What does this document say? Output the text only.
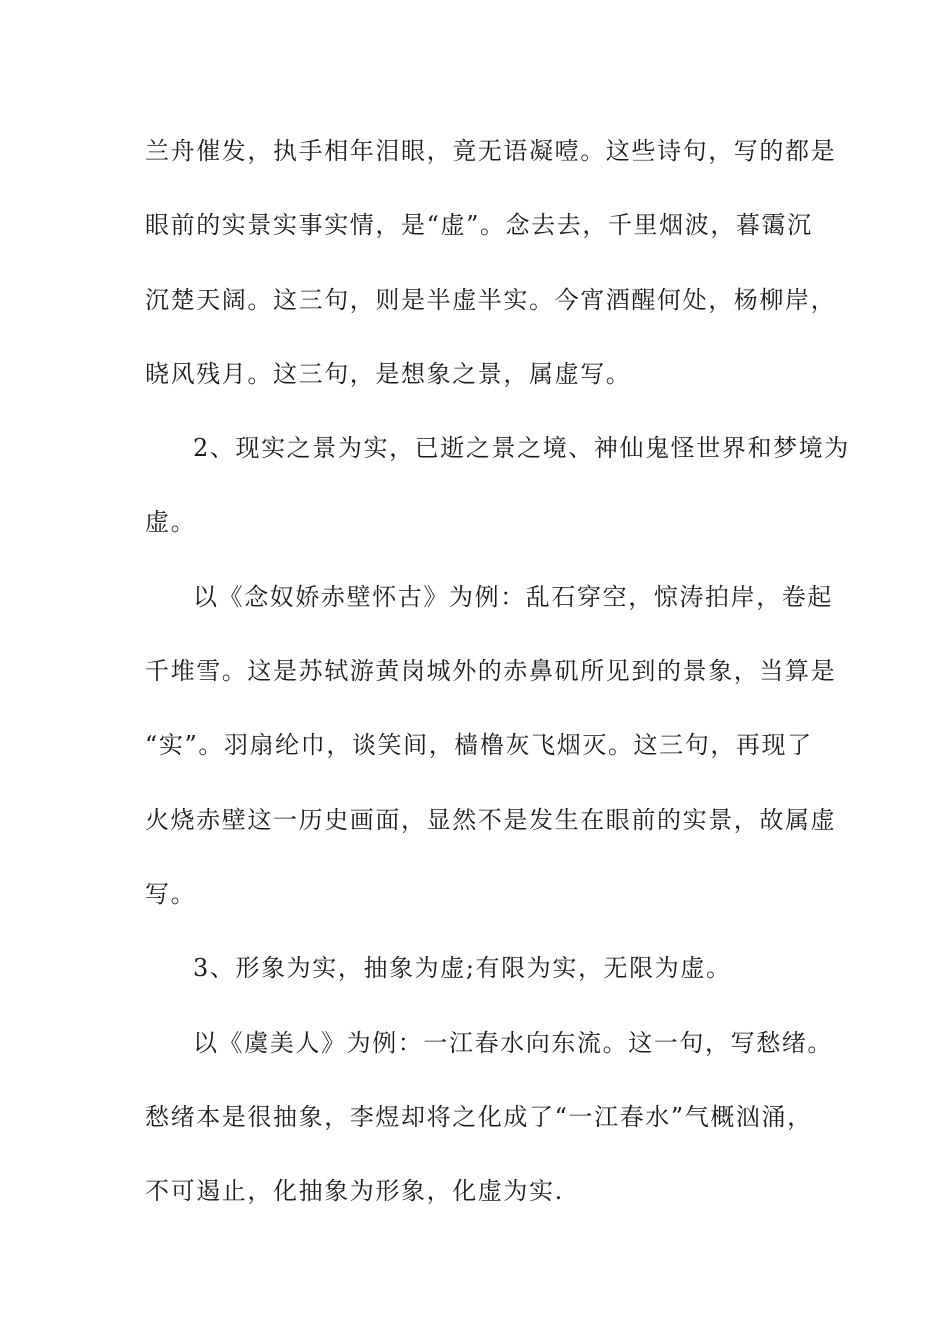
兰舟催发，执手相年泪眼，竟无语凝噎。这些诗句，写的都是
眼前的实景实事实情，是“虚”。念去去，千里烟波，暮霭沉
沉楚天阔。这三句，则是半虚半实。今宵酒醒何处，杨柳岸，
晓风残月。这三句，是想象之景，属虚写。
2、现实之景为实，已逝之景之境、神仙鬼怪世界和梦境为
虚。
以《念奴娇赤壁怀古》为例：乱石穿空，惊涛拍岸，卷起
千堆雪。这是苏轼游黄岗城外的赤鼻矶所见到的景象，当算是
“实”。羽扇纶巾，谈笑间，樯橹灰飞烟灭。这三句，再现了
火烧赤壁这一历史画面，显然不是发生在眼前的实景，故属虚
写。
3、形象为实，抽象为虚;有限为实，无限为虚。
以《虞美人》为例：一江春水向东流。这一句，写愁绪。
愁绪本是很抽象，李煜却将之化成了“一江春水”气概汹涌，
不可遏止，化抽象为形象，化虚为实.
